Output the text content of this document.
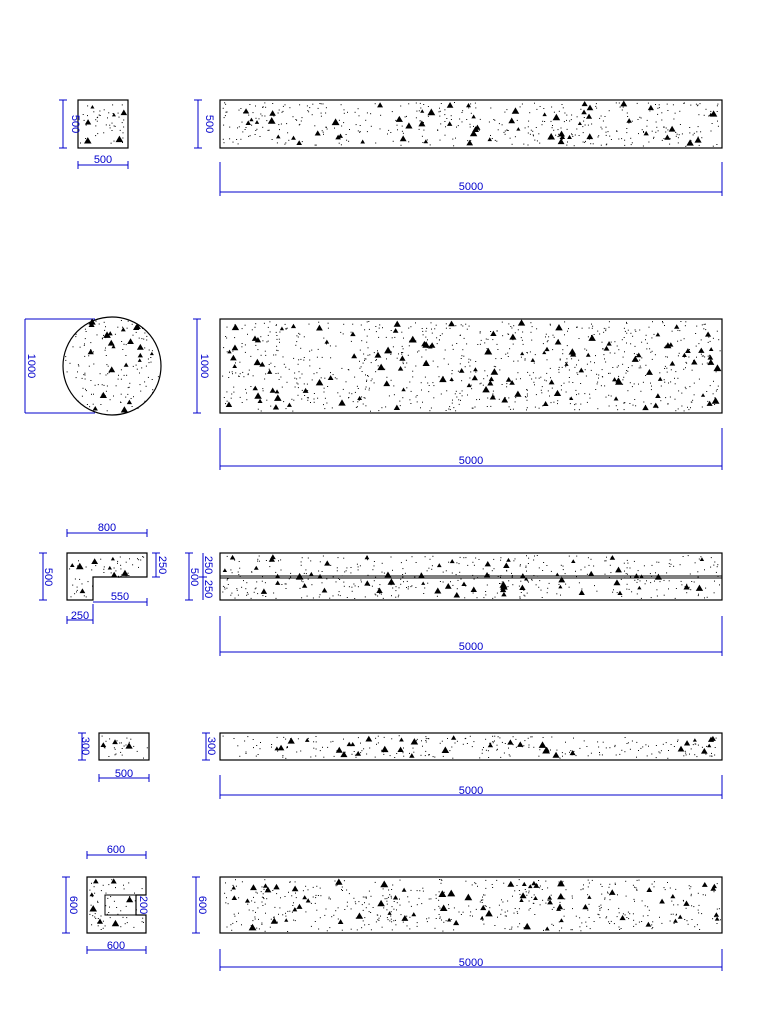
500
500
500
5000
1000	1000
5000
800
500
250
550
250
500
250
250
5000
300
500
300
5000
600
600	200
600
600
5000
